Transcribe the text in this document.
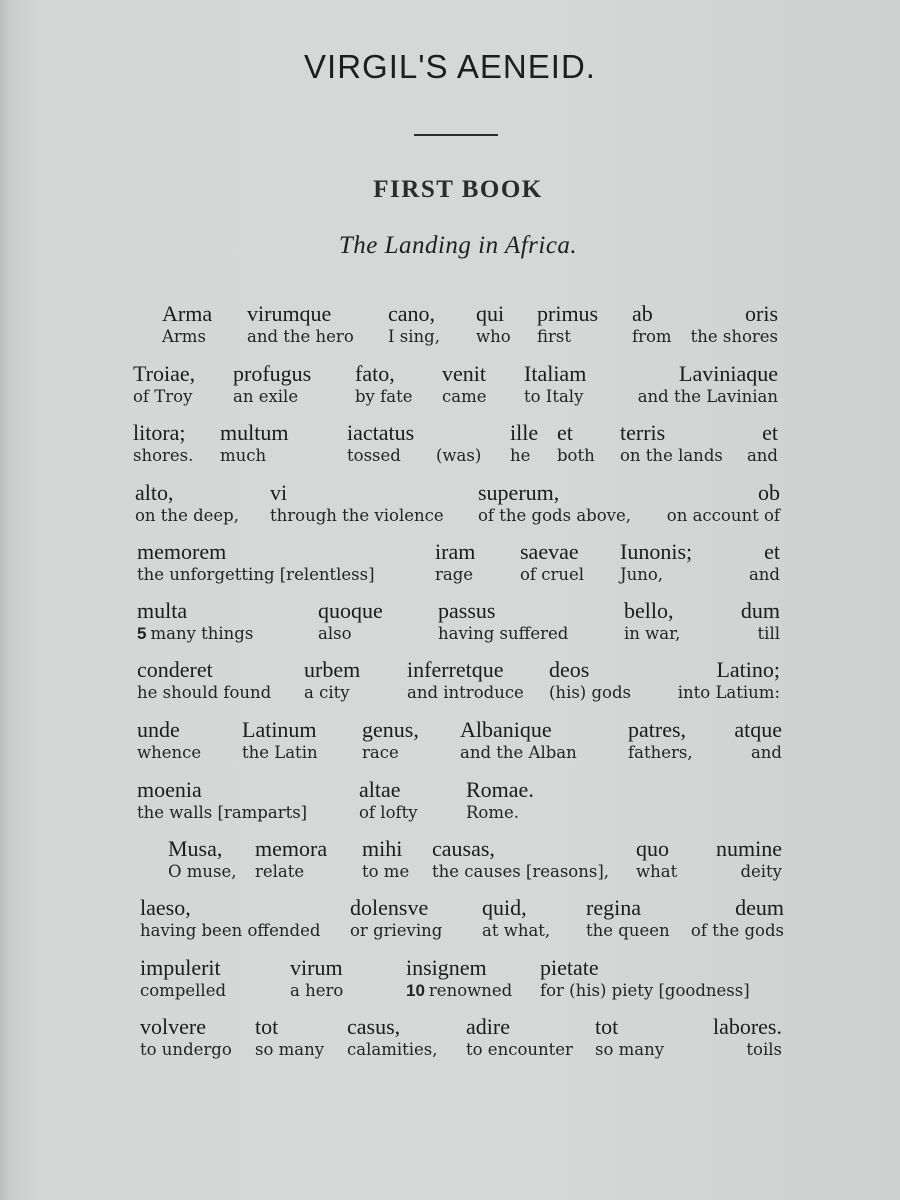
VIRGIL'S AENEID.
FIRST BOOK
The Landing in Africa.
Arma
Arms
virumque
and the hero
cano,
I sing,
qui
who
primus
first
ab
from
oris
the shores
Troiae,
of Troy
profugus
an exile
fato,
by fate
venit
came
Italiam
to Italy
Laviniaque
and the Lavinian
litora;
shores.
multum
much
iactatus
tossed
	(was)
ille
he
et
both
terris
on the lands
et
and
alto,
on the deep,
vi
through the violence
superum,
of the gods above,
ob
on account of
memorem
the unforgetting [relentless]
iram
rage
saevae
of cruel
Iunonis;
Juno,
et
and
multa
5 many things
quoque
also
passus
having suffered
bello,
in war,
dum
till
conderet
he should found
urbem
a city
inferretque
and introduce
deos
(his) gods
Latino;
into Latium:
unde
whence
Latinum
the Latin
genus,
race
Albanique
and the Alban
patres,
fathers,
atque
and
moenia
the walls [ramparts]
altae
of lofty
Romae.
Rome.
Musa,
O muse,
memora
relate
mihi
to me
causas,
the causes [reasons],
quo
what
numine
deity
laeso,
having been offended
dolensve
or grieving
quid,
at what,
regina
the queen
deum
of the gods
impulerit
compelled
virum
a hero
insignem
10 renowned
pietate
for (his) piety [goodness]
volvere
to undergo
tot
so many
casus,
calamities,
adire
to encounter
tot
so many
labores.
toils
